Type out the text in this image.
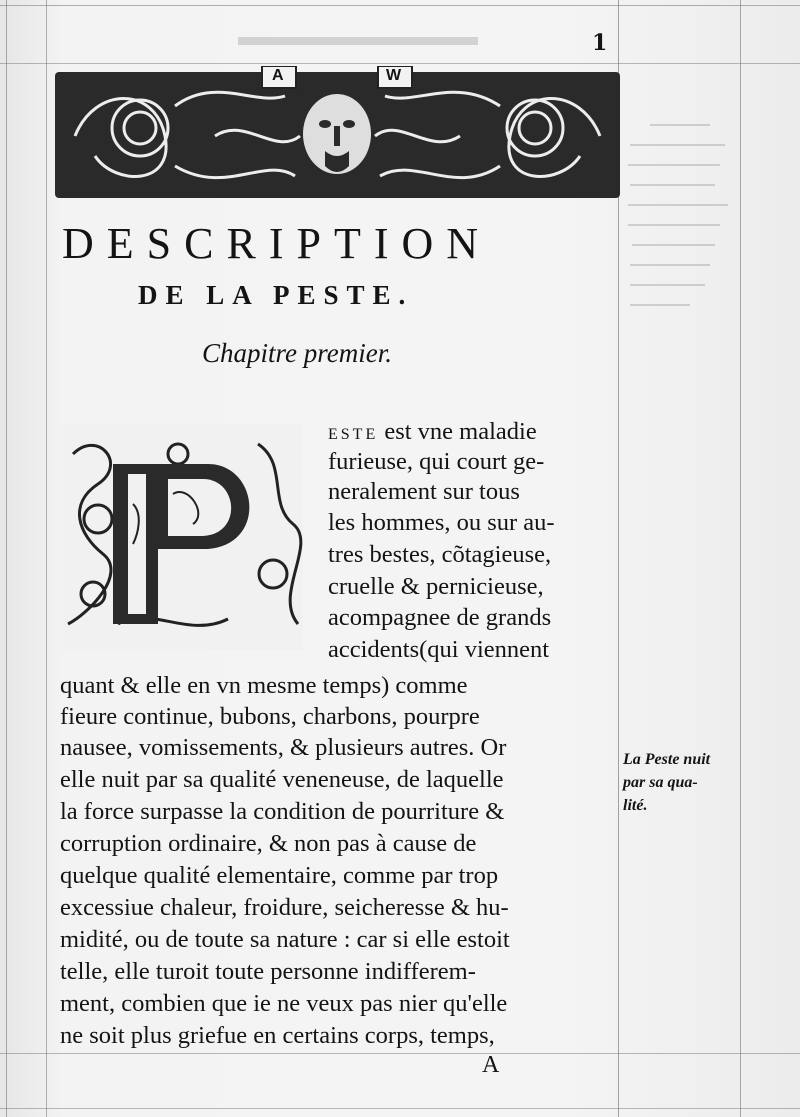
1
A	W
DESCRIPTION
DE LA PESTE.
Chapitre premier.
ESTE est vne maladie
furieuse, qui court ge-
neralement sur tous
les hommes, ou sur au-
tres bestes, cõtagieuse,
cruelle & pernicieuse,
acompagnee de grands
accidents(qui viennent
quant & elle en vn mesme temps) comme
fieure continue, bubons, charbons, pourpre
nausee, vomissements, & plusieurs autres. Or
elle nuit par sa qualité veneneuse, de laquelle
la force surpasse la condition de pourriture &
corruption ordinaire, & non pas à cause de
quelque qualité elementaire, comme par trop
excessiue chaleur, froidure, seicheresse & hu-
midité, ou de toute sa nature : car si elle estoit
telle, elle turoit toute personne indifferem-
ment, combien que ie ne veux pas nier qu'elle
ne soit plus griefue en certains corps, temps,
La Peste nuit
par sa qua-
lité.
A
